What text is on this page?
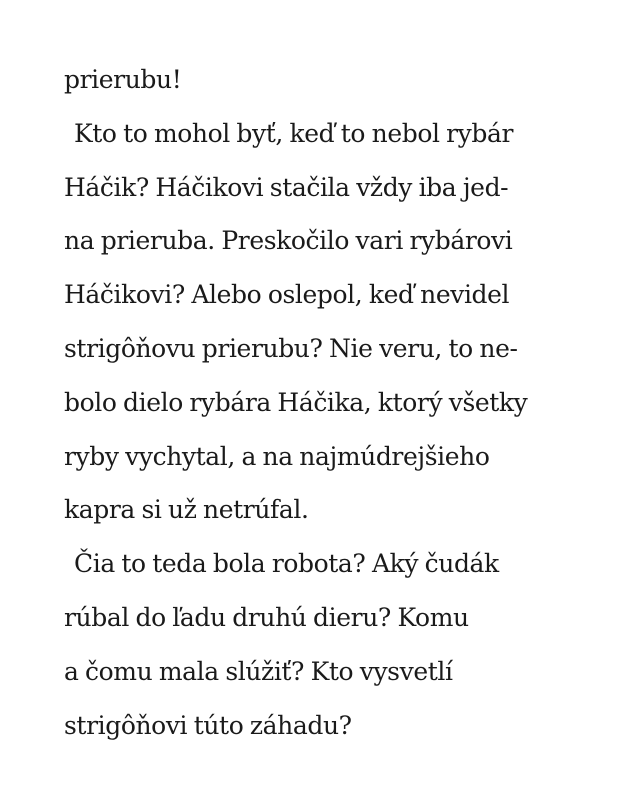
prierubu!
Kto to mohol byť, keď to nebol rybár
Háčik? Háčikovi stačila vždy iba jed-
na prieruba. Preskočilo vari rybárovi
Háčikovi? Alebo oslepol, keď nevidel
strigôňovu prierubu? Nie veru, to ne-
bolo dielo rybára Háčika, ktorý všetky
ryby vychytal, a na najmúdrejšieho
kapra si už netrúfal.
Čia to teda bola robota? Aký čudák
rúbal do ľadu druhú dieru? Komu
a čomu mala slúžiť? Kto vysvetlí
strigôňovi túto záhadu?
